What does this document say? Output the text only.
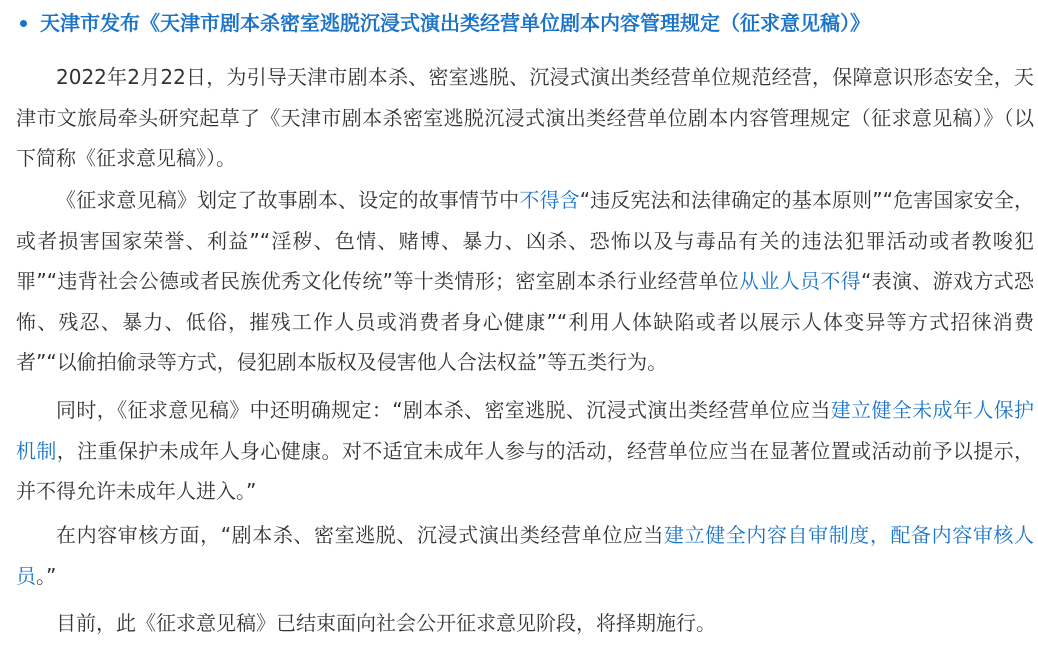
天津市发布《天津市剧本杀密室逃脱沉浸式演出类经营单位剧本内容管理规定（征求意见稿）》

2022年2月22日，为引导天津市剧本杀、密室逃脱、沉浸式演出类经营单位规范经营，保障意识形态安全，天津市文旅局牵头研究起草了《天津市剧本杀密室逃脱沉浸式演出类经营单位剧本内容管理规定（征求意见稿）》（以下简称《征求意见稿》）。

《征求意见稿》划定了故事剧本、设定的故事情节中不得含“违反宪法和法律确定的基本原则”“危害国家安全，或者损害国家荣誉、利益”“淫秽、色情、赌博、暴力、凶杀、恐怖以及与毒品有关的违法犯罪活动或者教唆犯罪”“违背社会公德或者民族优秀文化传统”等十类情形；密室剧本杀行业经营单位从业人员不得“表演、游戏方式恐怖、残忍、暴力、低俗，摧残工作人员或消费者身心健康”“利用人体缺陷或者以展示人体变异等方式招徕消费者”“以偷拍偷录等方式，侵犯剧本版权及侵害他人合法权益”等五类行为。

同时，《征求意见稿》中还明确规定：“剧本杀、密室逃脱、沉浸式演出类经营单位应当建立健全未成年人保护机制，注重保护未成年人身心健康。对不适宜未成年人参与的活动，经营单位应当在显著位置或活动前予以提示，并不得允许未成年人进入。”

在内容审核方面，“剧本杀、密室逃脱、沉浸式演出类经营单位应当建立健全内容自审制度，配备内容审核人员。”

目前，此《征求意见稿》已结束面向社会公开征求意见阶段，将择期施行。
